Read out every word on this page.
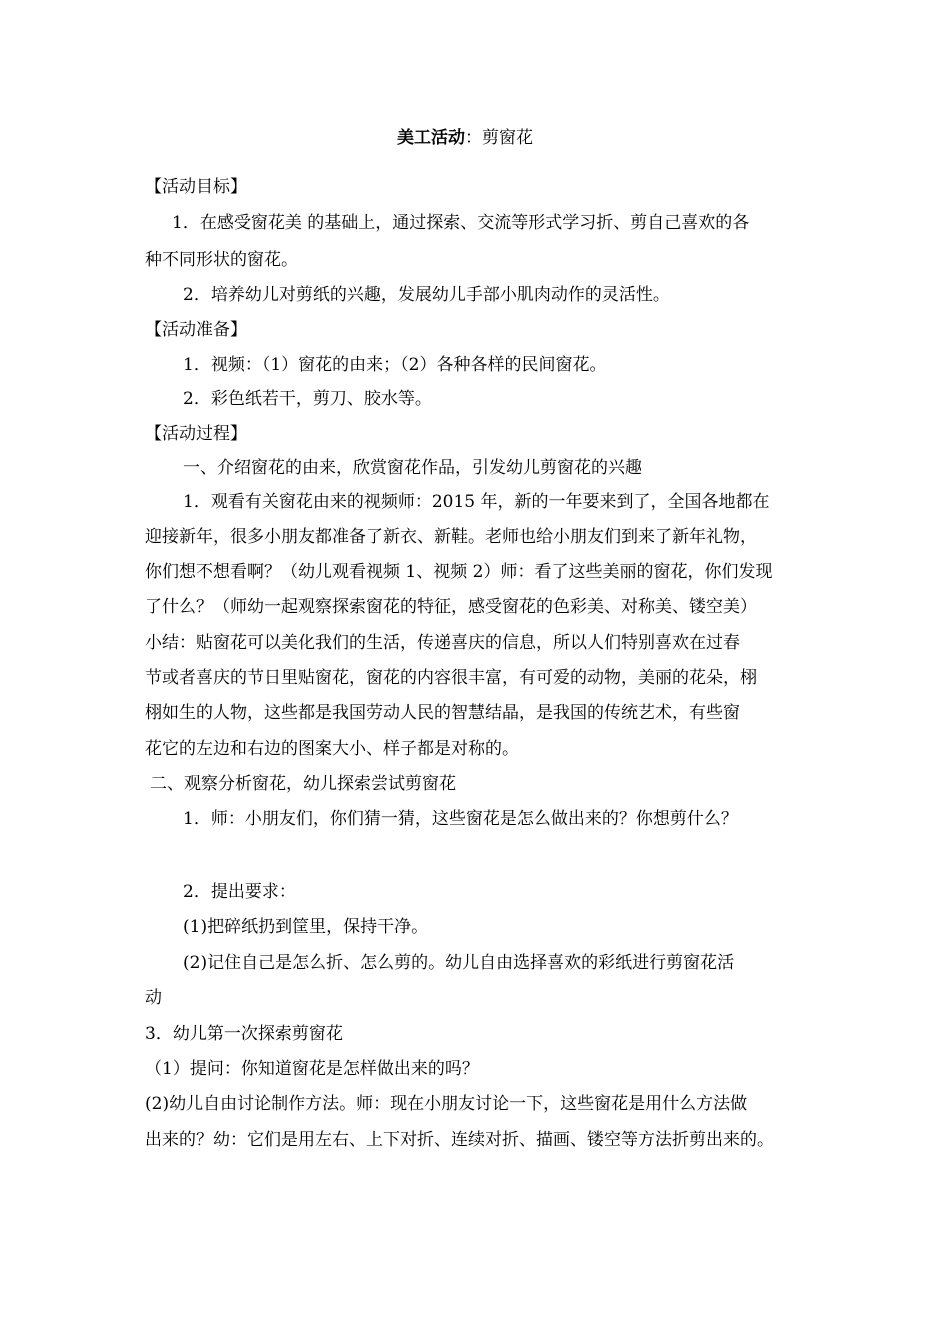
美工活动：剪窗花
【活动目标】
1．在感受窗花美 的基础上，通过探索、交流等形式学习折、剪自己喜欢的各
种不同形状的窗花。
2．培养幼儿对剪纸的兴趣，发展幼儿手部小肌肉动作的灵活性。
【活动准备】
1．视频：（1）窗花的由来；（2）各种各样的民间窗花。
2．彩色纸若干，剪刀、胶水等。
【活动过程】
一、介绍窗花的由来，欣赏窗花作品，引发幼儿剪窗花的兴趣
1．观看有关窗花由来的视频师：2015 年，新的一年要来到了，全国各地都在
迎接新年，很多小朋友都准备了新衣、新鞋。老师也给小朋友们到来了新年礼物，
你们想不想看啊？（幼儿观看视频 1、视频 2）师：看了这些美丽的窗花，你们发现
了什么？（师幼一起观察探索窗花的特征，感受窗花的色彩美、对称美、镂空美）
小结：贴窗花可以美化我们的生活，传递喜庆的信息，所以人们特别喜欢在过春
节或者喜庆的节日里贴窗花，窗花的内容很丰富，有可爱的动物，美丽的花朵，栩
栩如生的人物，这些都是我国劳动人民的智慧结晶，是我国的传统艺术，有些窗
花它的左边和右边的图案大小、样子都是对称的。
二、观察分析窗花，幼儿探索尝试剪窗花
1．师：小朋友们，你们猜一猜，这些窗花是怎么做出来的？你想剪什么？
2．提出要求：
(1)把碎纸扔到筐里，保持干净。
(2)记住自己是怎么折、怎么剪的。幼儿自由选择喜欢的彩纸进行剪窗花活
动
3．幼儿第一次探索剪窗花
（1）提问：你知道窗花是怎样做出来的吗？
(2)幼儿自由讨论制作方法。师：现在小朋友讨论一下，这些窗花是用什么方法做
出来的？幼：它们是用左右、上下对折、连续对折、描画、镂空等方法折剪出来的。
